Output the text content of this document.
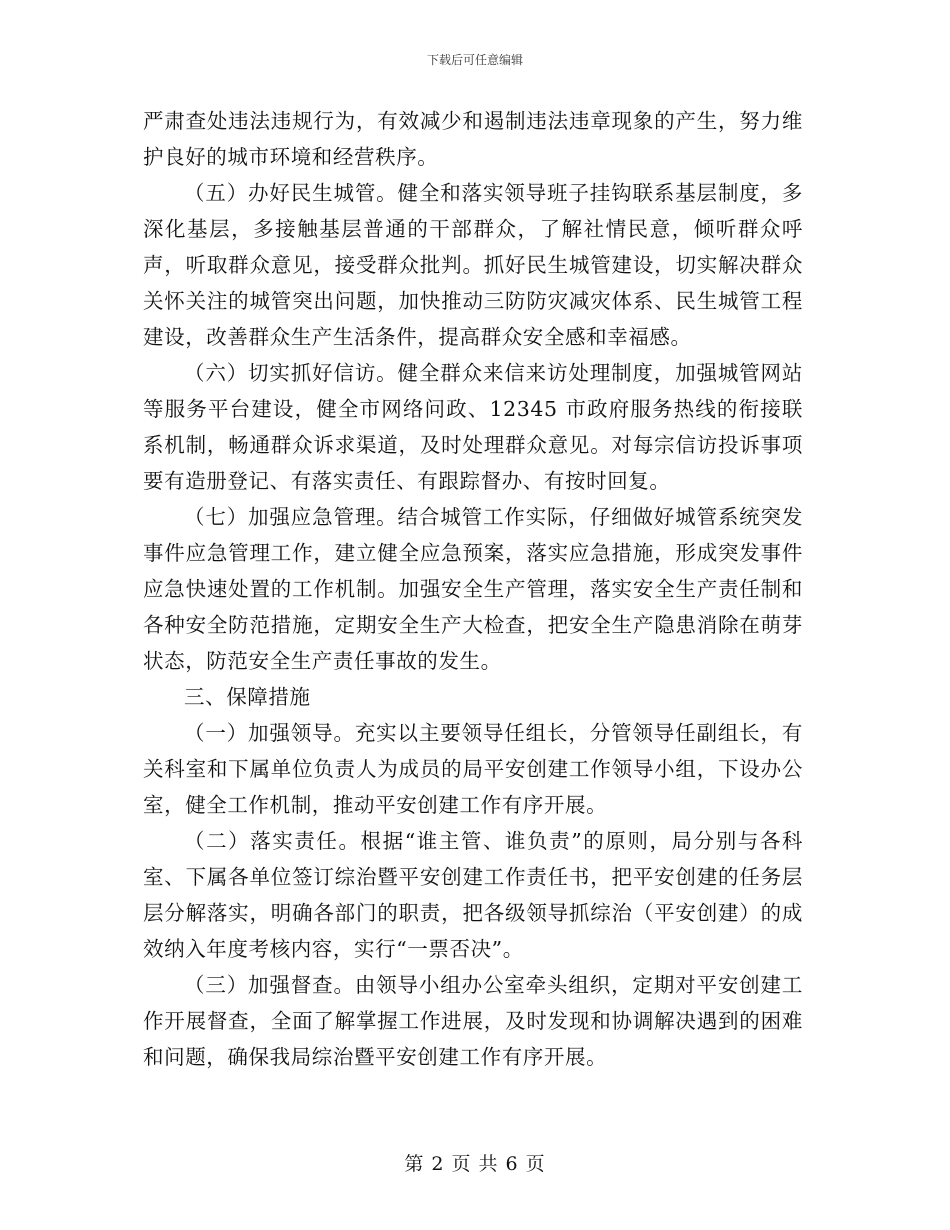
下载后可任意编辑

严肃查处违法违规行为，有效减少和遏制违法违章现象的产生，努力维护良好的城市环境和经营秩序。

（五）办好民生城管。健全和落实领导班子挂钩联系基层制度，多深化基层，多接触基层普通的干部群众，了解社情民意，倾听群众呼声，听取群众意见，接受群众批判。抓好民生城管建设，切实解决群众关怀关注的城管突出问题，加快推动三防防灾减灾体系、民生城管工程建设，改善群众生产生活条件，提高群众安全感和幸福感。

（六）切实抓好信访。健全群众来信来访处理制度，加强城管网站等服务平台建设，健全市网络问政、12345 市政府服务热线的衔接联系机制，畅通群众诉求渠道，及时处理群众意见。对每宗信访投诉事项要有造册登记、有落实责任、有跟踪督办、有按时回复。

（七）加强应急管理。结合城管工作实际，仔细做好城管系统突发事件应急管理工作，建立健全应急预案，落实应急措施，形成突发事件应急快速处置的工作机制。加强安全生产管理，落实安全生产责任制和各种安全防范措施，定期安全生产大检查，把安全生产隐患消除在萌芽状态，防范安全生产责任事故的发生。

三、保障措施

（一）加强领导。充实以主要领导任组长，分管领导任副组长，有关科室和下属单位负责人为成员的局平安创建工作领导小组，下设办公室，健全工作机制，推动平安创建工作有序开展。

（二）落实责任。根据“谁主管、谁负责”的原则，局分别与各科室、下属各单位签订综治暨平安创建工作责任书，把平安创建的任务层层分解落实，明确各部门的职责，把各级领导抓综治（平安创建）的成效纳入年度考核内容，实行“一票否决”。

（三）加强督查。由领导小组办公室牵头组织，定期对平安创建工作开展督查，全面了解掌握工作进展，及时发现和协调解决遇到的困难和问题，确保我局综治暨平安创建工作有序开展。

第 2 页 共 6 页
